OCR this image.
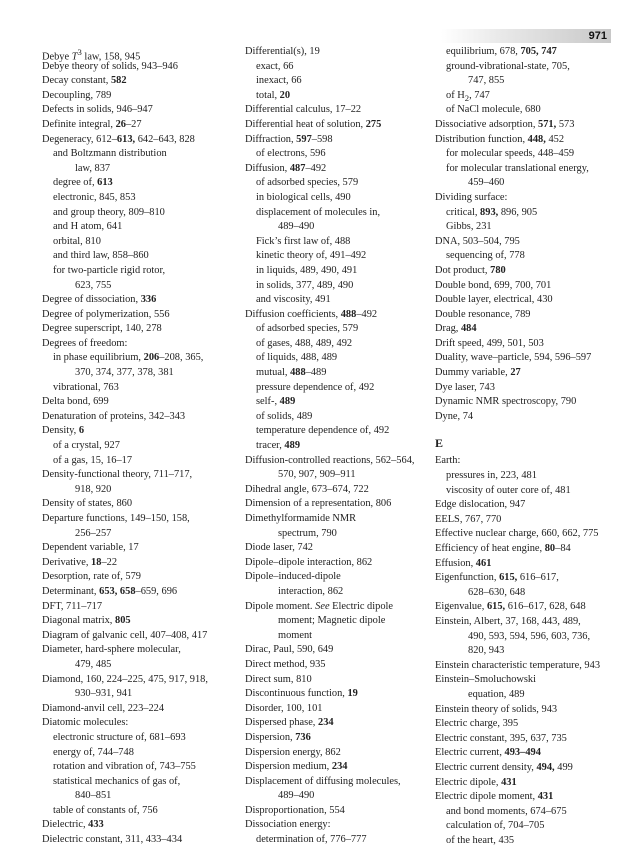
971
Debye $T^3$ law, 158, 945
Debye theory of solids, 943–946
Decay constant, 582
Decoupling, 789
Defects in solids, 946–947
Definite integral, 26–27
Degeneracy, 612–613, 642–643, 828
and Boltzmann distribution
law, 837
degree of, 613
electronic, 845, 853
and group theory, 809–810
and H atom, 641
orbital, 810
and third law, 858–860
for two-particle rigid rotor,
623, 755
Degree of dissociation, 336
Degree of polymerization, 556
Degree superscript, 140, 278
Degrees of freedom:
in phase equilibrium, 206–208, 365,
370, 374, 377, 378, 381
vibrational, 763
Delta bond, 699
Denaturation of proteins, 342–343
Density, 6
of a crystal, 927
of a gas, 15, 16–17
Density-functional theory, 711–717,
918, 920
Density of states, 860
Departure functions, 149–150, 158,
256–257
Dependent variable, 17
Derivative, 18–22
Desorption, rate of, 579
Determinant, 653, 658–659, 696
DFT, 711–717
Diagonal matrix, 805
Diagram of galvanic cell, 407–408, 417
Diameter, hard-sphere molecular,
479, 485
Diamond, 160, 224–225, 475, 917, 918,
930–931, 941
Diamond-anvil cell, 223–224
Diatomic molecules:
electronic structure of, 681–693
energy of, 744–748
rotation and vibration of, 743–755
statistical mechanics of gas of,
840–851
table of constants of, 756
Dielectric, 433
Dielectric constant, 311, 433–434
Differential(s), 19
exact, 66
inexact, 66
total, 20
Differential calculus, 17–22
Differential heat of solution, 275
Diffraction, 597–598
of electrons, 596
Diffusion, 487–492
of adsorbed species, 579
in biological cells, 490
displacement of molecules in,
489–490
Fick’s first law of, 488
kinetic theory of, 491–492
in liquids, 489, 490, 491
in solids, 377, 489, 490
and viscosity, 491
Diffusion coefficients, 488–492
of adsorbed species, 579
of gases, 488, 489, 492
of liquids, 488, 489
mutual, 488–489
pressure dependence of, 492
self-, 489
of solids, 489
temperature dependence of, 492
tracer, 489
Diffusion-controlled reactions, 562–564,
570, 907, 909–911
Dihedral angle, 673–674, 722
Dimension of a representation, 806
Dimethylformamide NMR
spectrum, 790
Diode laser, 742
Dipole–dipole interaction, 862
Dipole–induced-dipole
interaction, 862
Dipole moment. See Electric dipole
moment; Magnetic dipole
moment
Dirac, Paul, 590, 649
Direct method, 935
Direct sum, 810
Discontinuous function, 19
Disorder, 100, 101
Dispersed phase, 234
Dispersion, 736
Dispersion energy, 862
Dispersion medium, 234
Displacement of diffusing molecules,
489–490
Disproportionation, 554
Dissociation energy:
determination of, 776–777
equilibrium, 678, 705, 747
ground-vibrational-state, 705,
747, 855
of $H_2$, 747
of NaCl molecule, 680
Dissociative adsorption, 571, 573
Distribution function, 448, 452
for molecular speeds, 448–459
for molecular translational energy,
459–460
Dividing surface:
critical, 893, 896, 905
Gibbs, 231
DNA, 503–504, 795
sequencing of, 778
Dot product, 780
Double bond, 699, 700, 701
Double layer, electrical, 430
Double resonance, 789
Drag, 484
Drift speed, 499, 501, 503
Duality, wave–particle, 594, 596–597
Dummy variable, 27
Dye laser, 743
Dynamic NMR spectroscopy, 790
Dyne, 74
E
Earth:
pressures in, 223, 481
viscosity of outer core of, 481
Edge dislocation, 947
EELS, 767, 770
Effective nuclear charge, 660, 662, 775
Efficiency of heat engine, 80–84
Effusion, 461
Eigenfunction, 615, 616–617,
628–630, 648
Eigenvalue, 615, 616–617, 628, 648
Einstein, Albert, 37, 168, 443, 489,
490, 593, 594, 596, 603, 736,
820, 943
Einstein characteristic temperature, 943
Einstein–Smoluchowski
equation, 489
Einstein theory of solids, 943
Electric charge, 395
Electric constant, 395, 637, 735
Electric current, 493–494
Electric current density, 494, 499
Electric dipole, 431
Electric dipole moment, 431
and bond moments, 674–675
calculation of, 704–705
of the heart, 435
